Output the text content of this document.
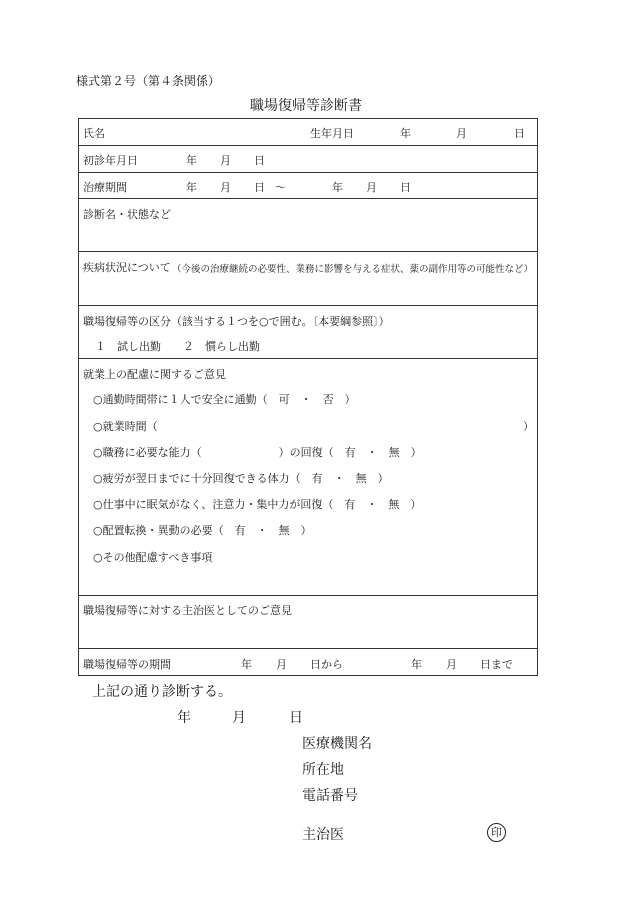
様式第２号（第４条関係）
職場復帰等診断書
氏名	生年月日	年	月	日
初診年月日	年 月 日
治療期間	年 月 日 ～	年 月 日
診断名・状態など
疾病状況について （今後の治療継続の必要性、業務に影響を与える症状、薬の副作用等の可能性など）
職場復帰等の区分（該当する１つを○で囲む。〔本要綱参照〕）
１　試し出勤　　２　慣らし出勤
就業上の配慮に関するご意見
○通勤時間帯に１人で安全に通勤（　可　・　否　）
○就業時間（	）
○職務に必要な能力（　　　　　　　）の回復（　有　・　無　）
○疲労が翌日までに十分回復できる体力（　有　・　無　）
○仕事中に眠気がなく、注意力・集中力が回復（　有　・　無　）
○配置転換・異動の必要（　有　・　無　）
○その他配慮すべき事項
職場復帰等に対する主治医としてのご意見
職場復帰等の期間	年 月 日から	年 月 日まで
上記の通り診断する。
年	月	日
医療機関名
所在地
電話番号
主治医	印
